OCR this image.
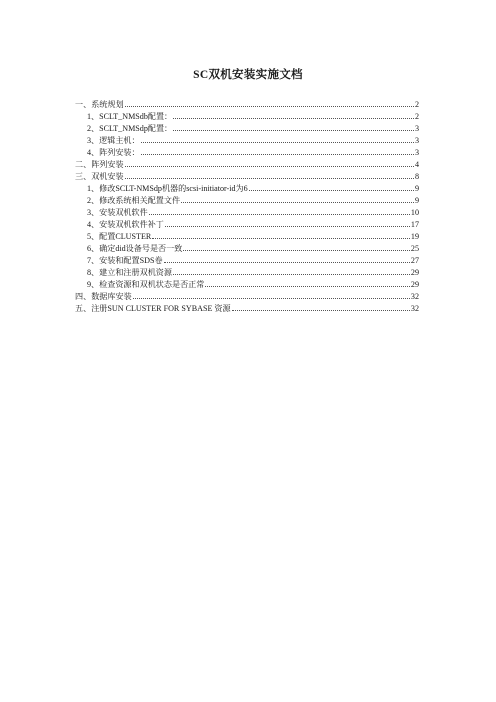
SC双机安装实施文档
一、系统规划	2
1、SCLT_NMSdb配置：	2
2、SCLT_NMSdp配置：	3
3、逻辑主机：	3
4、阵列安装：	3
二、阵列安装	4
三、双机安装	8
1、修改SCLT-NMSdp机器的scsi-initiator-id为6	9
2、修改系统相关配置文件	9
3、安装双机软件	10
4、安装双机软件补丁	17
5、配置CLUSTER	19
6、确定did设备号是否一致	25
7、安装和配置SDS卷	27
8、建立和注册双机资源	29
9、检查资源和双机状态是否正常	29
四、数据库安装	32
五、注册SUN CLUSTER FOR SYBASE 资源	32
